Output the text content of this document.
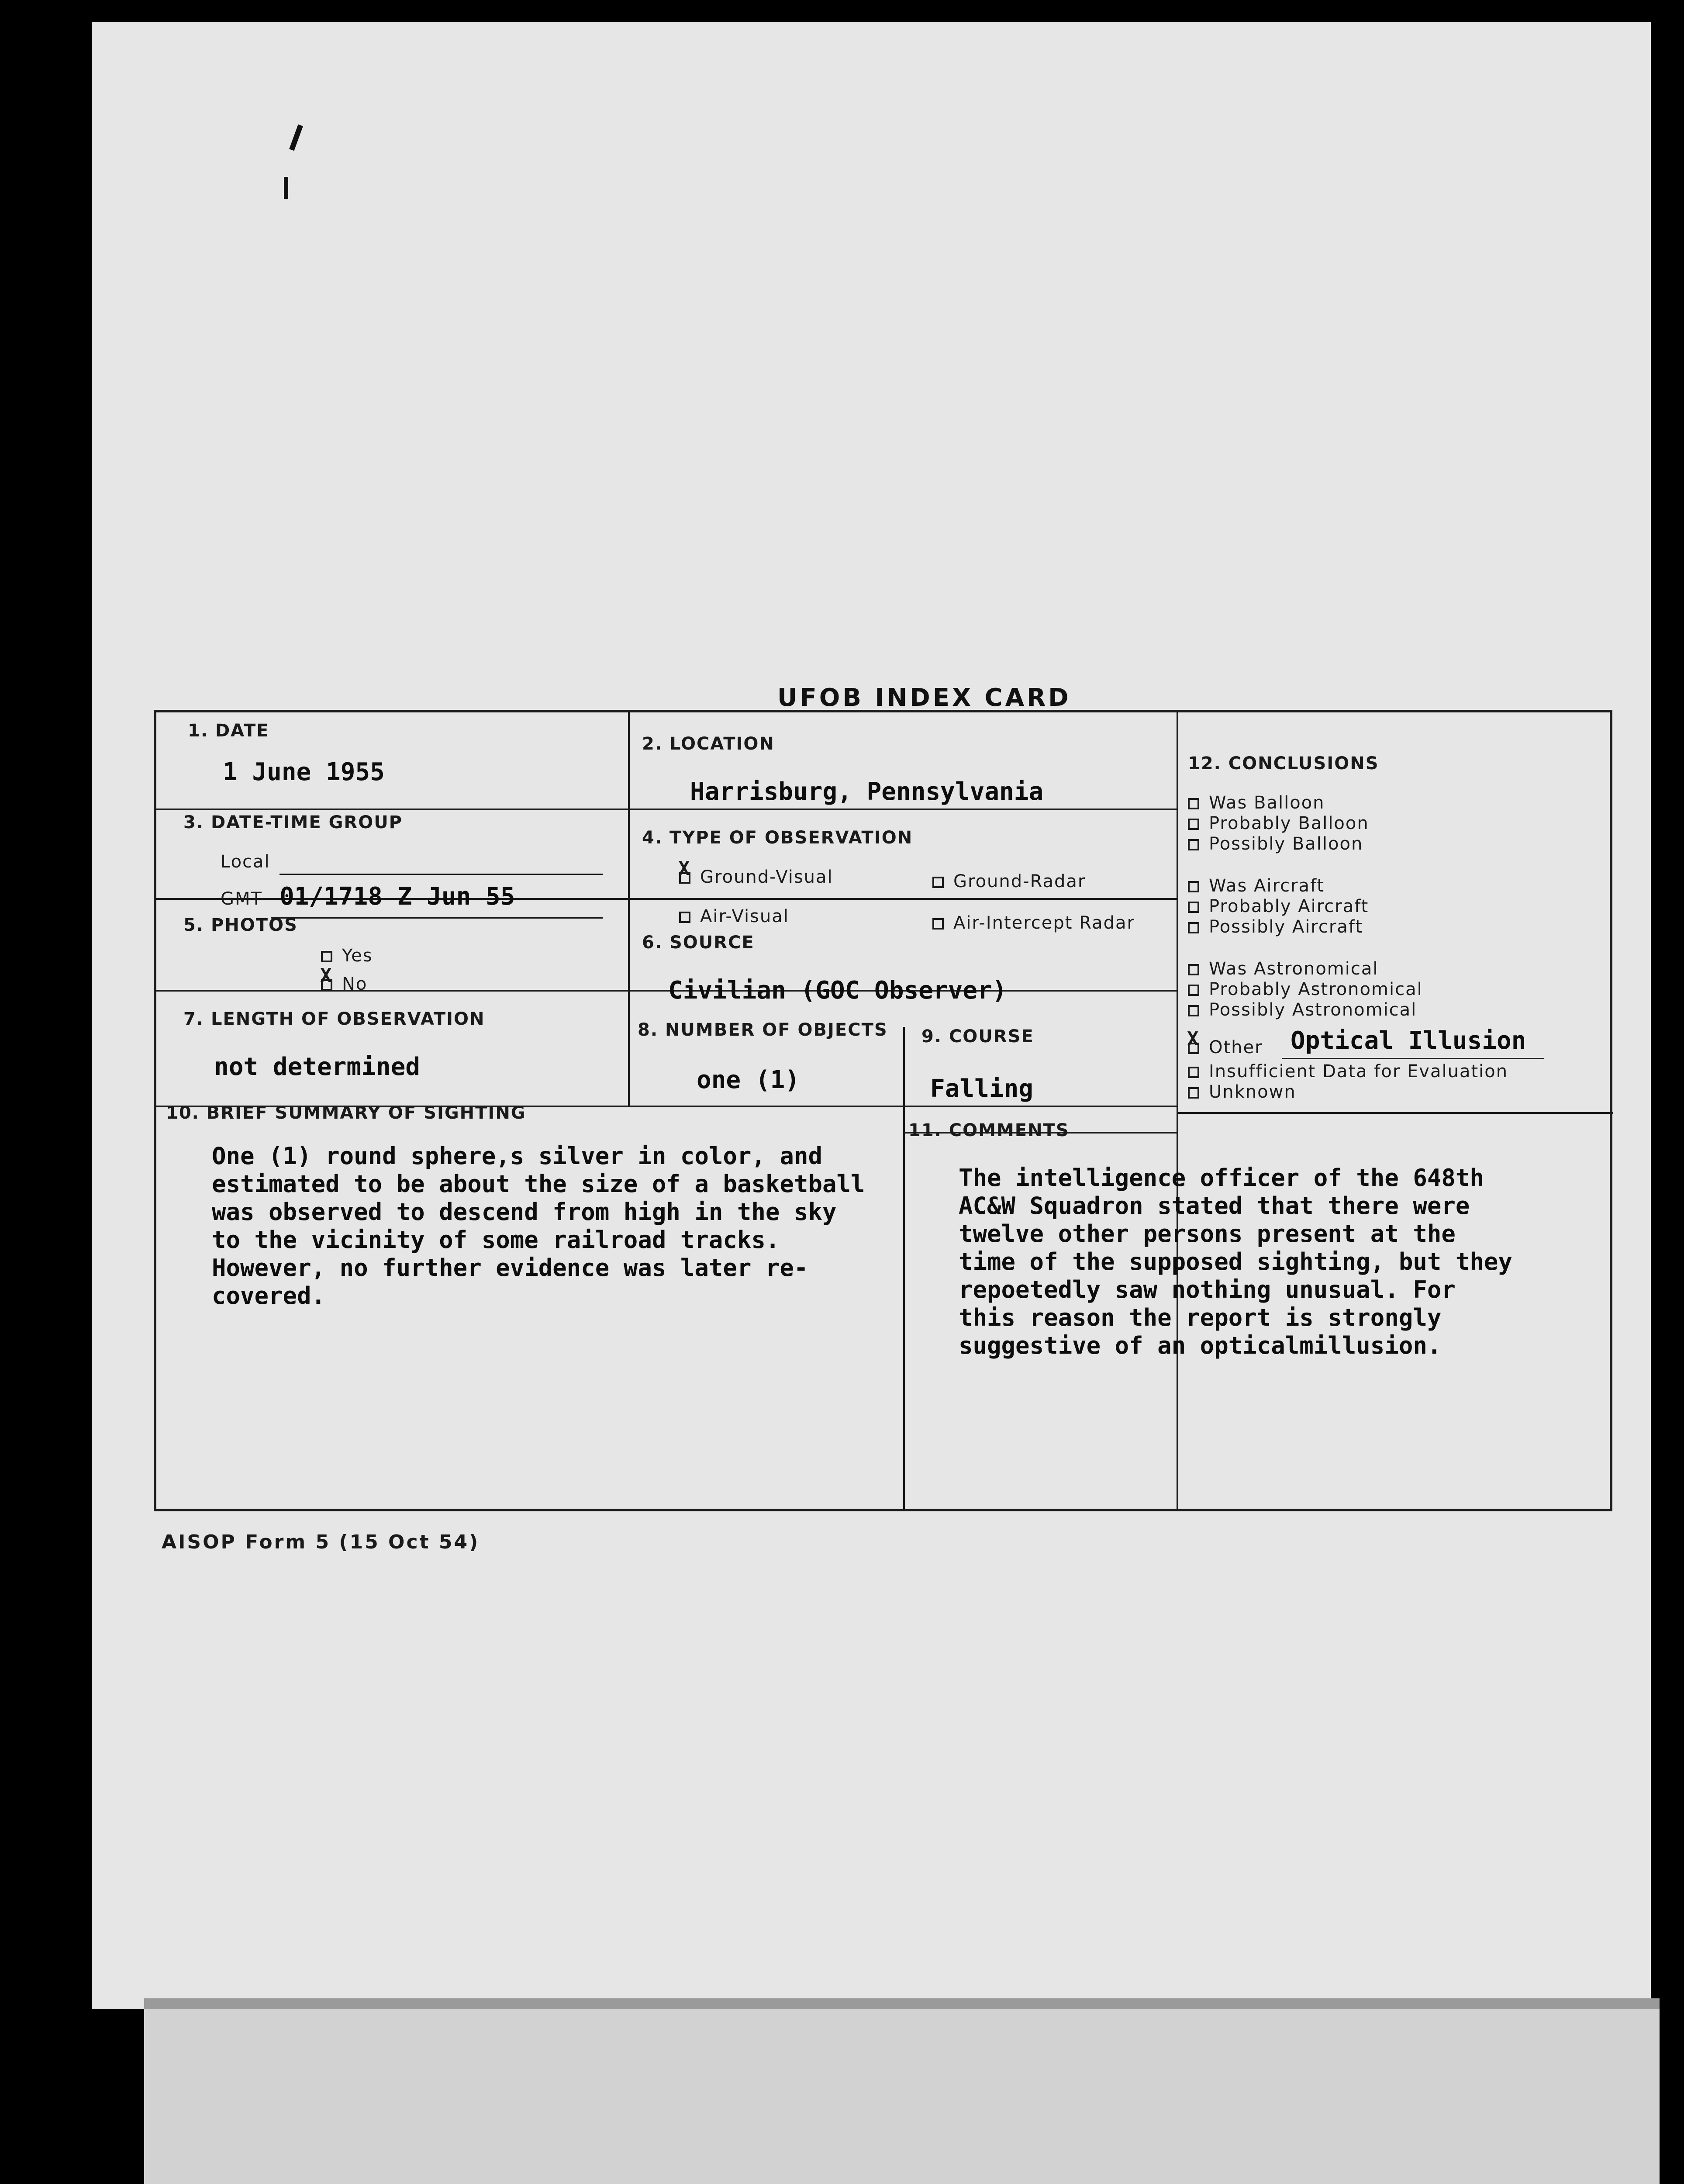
UFOB INDEX CARD
1. DATE
1 June 1955
2. LOCATION
Harrisburg, Pennsylvania
3. DATE-TIME GROUP
Local
GMT 01/1718 Z Jun 55
4. TYPE OF OBSERVATION
X Ground-Visual	Ground-Radar
Air-Visual	Air-Intercept Radar
5. PHOTOS
Yes
X No
6. SOURCE
Civilian (GOC Observer)
7. LENGTH OF OBSERVATION
not determined
8. NUMBER OF OBJECTS
one (1)
9. COURSE
Falling
10. BRIEF SUMMARY OF SIGHTING
One (1) round sphere,s silver in color, and
estimated to be about the size of a basketball
was observed to descend from high in the sky
to the vicinity of some railroad tracks.
However, no further evidence was later re-
covered.
11. COMMENTS
The intelligence officer of the 648th
AC&W Squadron stated that there were
twelve other persons present at the
time of the supposed sighting, but they
repoetedly saw nothing unusual. For
this reason the report is strongly
suggestive of an opticalmillusion.
12. CONCLUSIONS
Was Balloon
Probably Balloon
Possibly Balloon
Was Aircraft
Probably Aircraft
Possibly Aircraft
Was Astronomical
Probably Astronomical
Possibly Astronomical
X Other Optical Illusion
Insufficient Data for Evaluation
Unknown
AISOP Form 5 (15 Oct 54)
